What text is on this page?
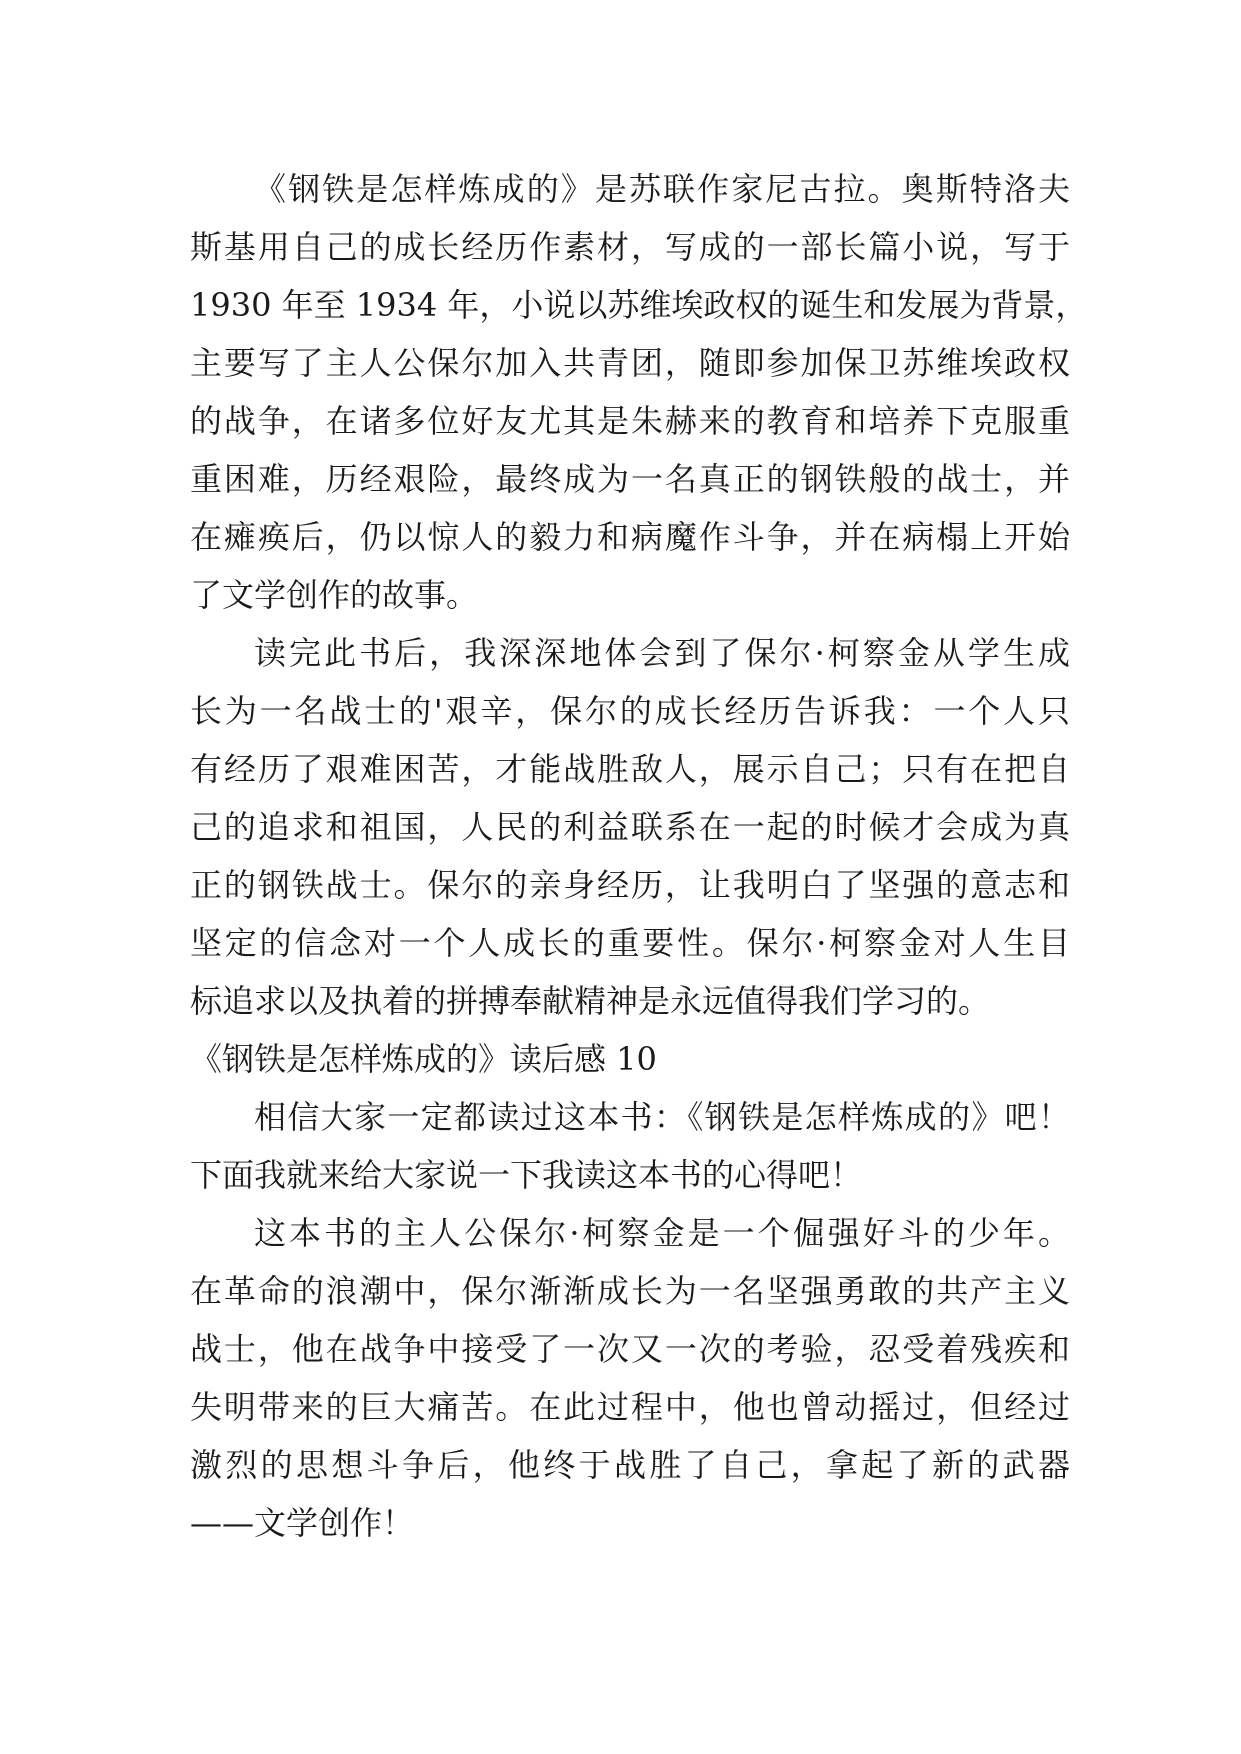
《钢铁是怎样炼成的》是苏联作家尼古拉。奥斯特洛夫
斯基用自己的成长经历作素材，写成的一部长篇小说，写于
1930 年至 1934 年，小说以苏维埃政权的诞生和发展为背景，
主要写了主人公保尔加入共青团，随即参加保卫苏维埃政权
的战争，在诸多位好友尤其是朱赫来的教育和培养下克服重
重困难，历经艰险，最终成为一名真正的钢铁般的战士，并
在瘫痪后，仍以惊人的毅力和病魔作斗争，并在病榻上开始
了文学创作的故事。
读完此书后，我深深地体会到了保尔·柯察金从学生成
长为一名战士的'艰辛，保尔的成长经历告诉我：一个人只
有经历了艰难困苦，才能战胜敌人，展示自己；只有在把自
己的追求和祖国，人民的利益联系在一起的时候才会成为真
正的钢铁战士。保尔的亲身经历，让我明白了坚强的意志和
坚定的信念对一个人成长的重要性。保尔·柯察金对人生目
标追求以及执着的拼搏奉献精神是永远值得我们学习的。
《钢铁是怎样炼成的》读后感 10
相信大家一定都读过这本书：《钢铁是怎样炼成的》吧！
下面我就来给大家说一下我读这本书的心得吧！
这本书的主人公保尔·柯察金是一个倔强好斗的少年。
在革命的浪潮中，保尔渐渐成长为一名坚强勇敢的共产主义
战士，他在战争中接受了一次又一次的考验，忍受着残疾和
失明带来的巨大痛苦。在此过程中，他也曾动摇过，但经过
激烈的思想斗争后，他终于战胜了自己，拿起了新的武器
——文学创作！
